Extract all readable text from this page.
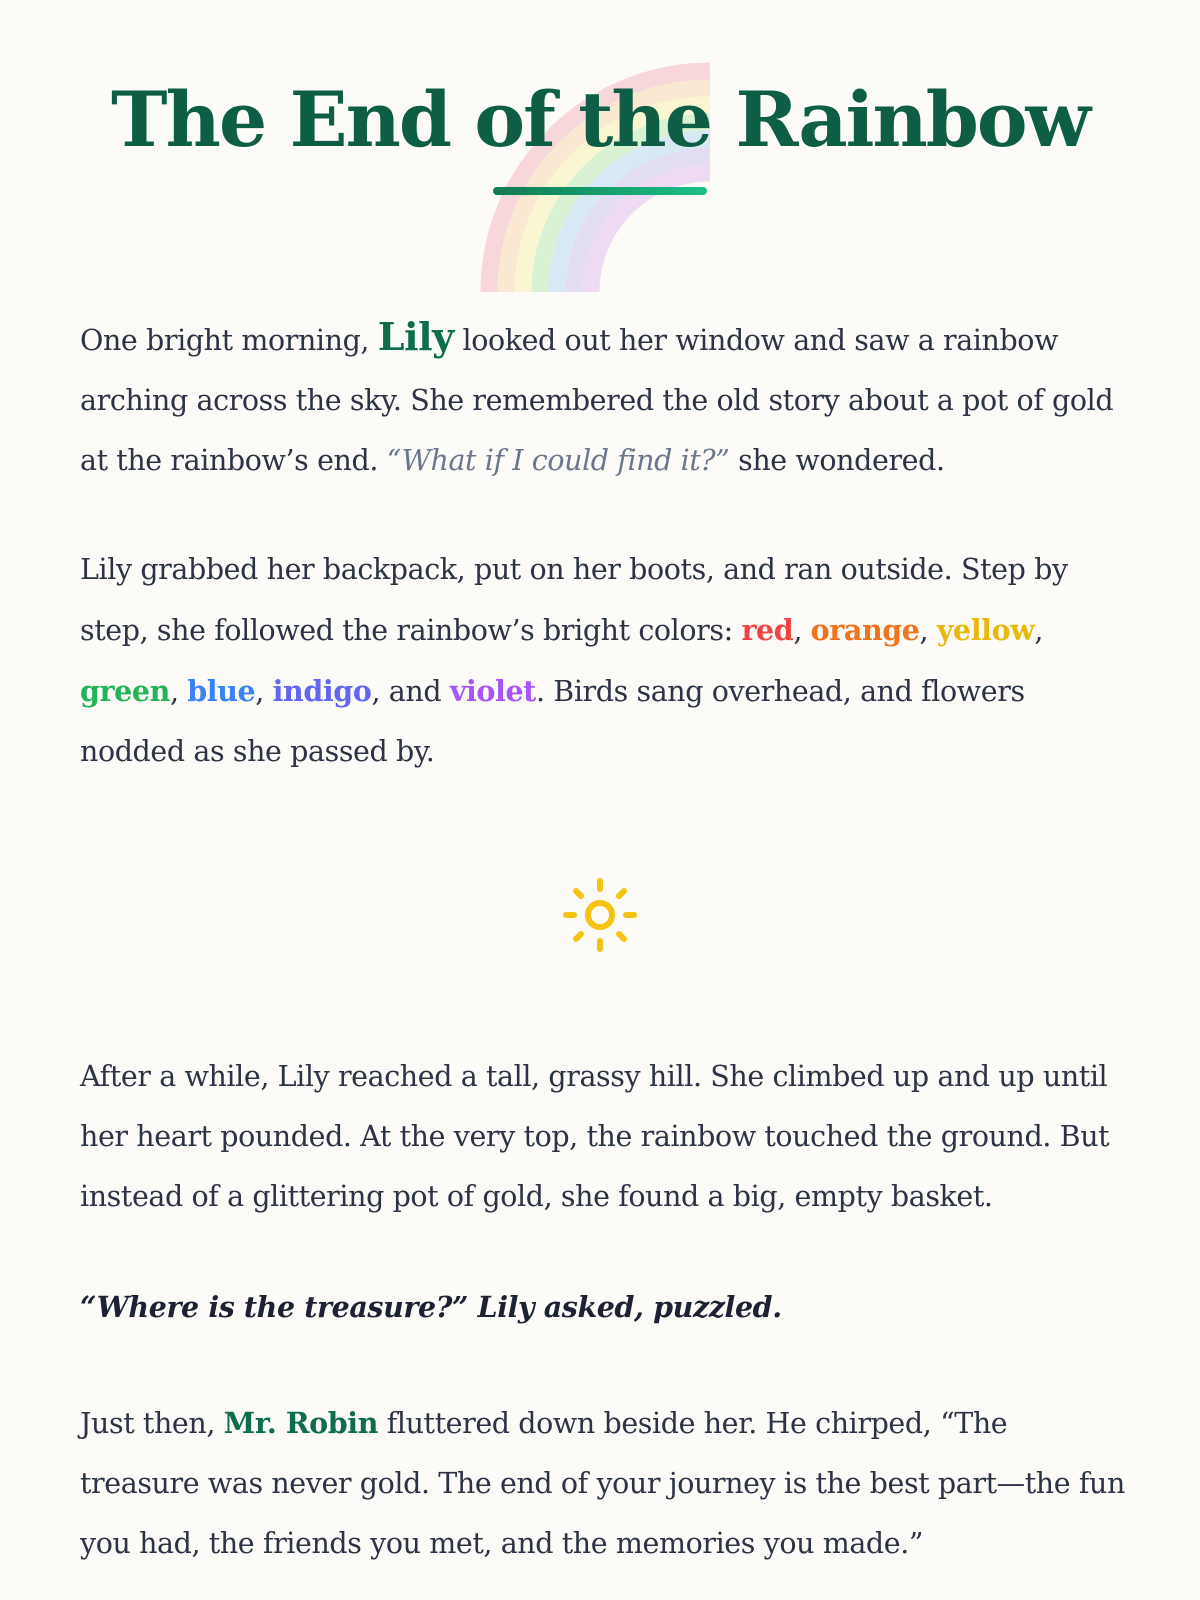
The End of the Rainbow

One bright morning, Lily looked out her window and saw a rainbow arching across the sky. She remembered the old story about a pot of gold at the rainbow’s end. “What if I could find it?” she wondered.

Lily grabbed her backpack, put on her boots, and ran outside. Step by step, she followed the rainbow’s bright colors: red, orange, yellow, green, blue, indigo, and violet. Birds sang overhead, and flowers nodded as she passed by.

After a while, Lily reached a tall, grassy hill. She climbed up and up until her heart pounded. At the very top, the rainbow touched the ground. But instead of a glittering pot of gold, she found a big, empty basket.

“Where is the treasure?” Lily asked, puzzled.

Just then, Mr. Robin fluttered down beside her. He chirped, “The treasure was never gold. The end of your journey is the best part—the fun you had, the friends you met, and the memories you made.”
